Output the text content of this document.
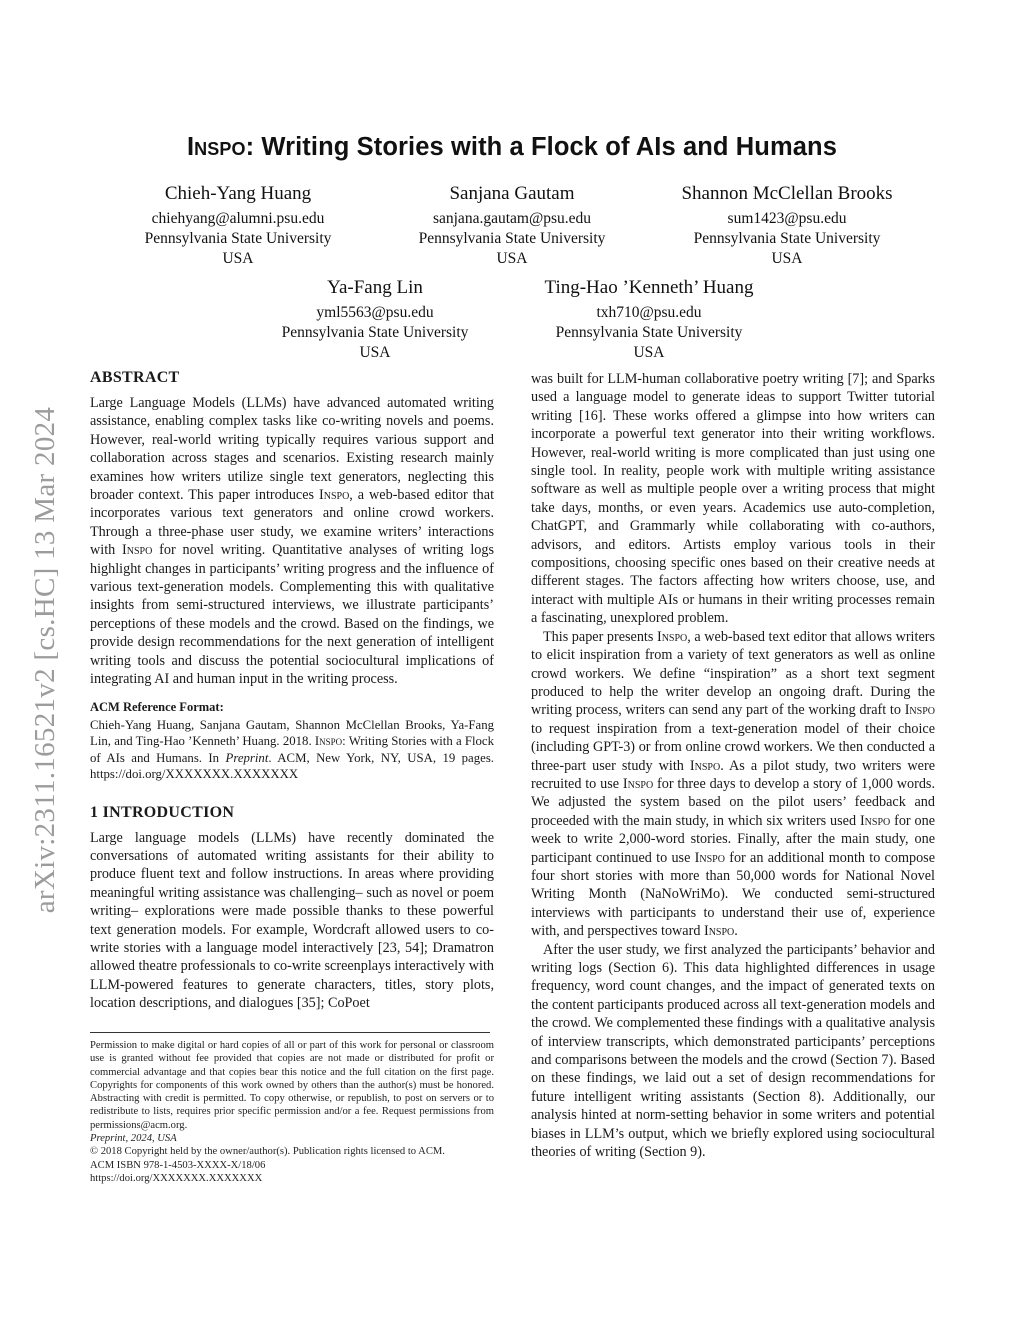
arXiv:2311.16521v2 [cs.HC] 13 Mar 2024
Inspo: Writing Stories with a Flock of AIs and Humans
Chieh-Yang Huang
chiehyang@alumni.psu.edu
Pennsylvania State University
USA
Sanjana Gautam
sanjana.gautam@psu.edu
Pennsylvania State University
USA
Shannon McClellan Brooks
sum1423@psu.edu
Pennsylvania State University
USA
Ya-Fang Lin
yml5563@psu.edu
Pennsylvania State University
USA
Ting-Hao ’Kenneth’ Huang
txh710@psu.edu
Pennsylvania State University
USA
ABSTRACT

Large Language Models (LLMs) have advanced automated writing assistance, enabling complex tasks like co-writing novels and poems. However, real-world writing typically requires various support and collaboration across stages and scenarios. Existing research mainly examines how writers utilize single text generators, neglecting this broader context. This paper introduces Inspo, a web-based editor that incorporates various text generators and online crowd workers. Through a three-phase user study, we examine writers’ interactions with Inspo for novel writing. Quantitative analyses of writing logs highlight changes in participants’ writing progress and the influence of various text-generation models. Complementing this with qualitative insights from semi-structured interviews, we illustrate participants’ perceptions of these models and the crowd. Based on the findings, we provide design recommendations for the next generation of intelligent writing tools and discuss the potential sociocultural implications of integrating AI and human input in the writing process.

ACM Reference Format:

Chieh-Yang Huang, Sanjana Gautam, Shannon McClellan Brooks, Ya-Fang Lin, and Ting-Hao ’Kenneth’ Huang. 2018. Inspo: Writing Stories with a Flock of AIs and Humans. In Preprint. ACM, New York, NY, USA, 19 pages. https://doi.org/XXXXXXX.XXXXXXX

1 INTRODUCTION

Large language models (LLMs) have recently dominated the conversations of automated writing assistants for their ability to produce fluent text and follow instructions. In areas where providing meaningful writing assistance was challenging– such as novel or poem writing– explorations were made possible thanks to these powerful text generation models. For example, Wordcraft allowed users to co-write stories with a language model interactively [23, 54]; Dramatron allowed theatre professionals to co-write screenplays interactively with LLM-powered features to generate characters, titles, story plots, location descriptions, and dialogues [35]; CoPoet

Permission to make digital or hard copies of all or part of this work for personal or classroom use is granted without fee provided that copies are not made or distributed for profit or commercial advantage and that copies bear this notice and the full citation on the first page. Copyrights for components of this work owned by others than the author(s) must be honored. Abstracting with credit is permitted. To copy otherwise, or republish, to post on servers or to redistribute to lists, requires prior specific permission and/or a fee. Request permissions from permissions@acm.org.

Preprint, 2024, USA

© 2018 Copyright held by the owner/author(s). Publication rights licensed to ACM.

ACM ISBN 978-1-4503-XXXX-X/18/06

https://doi.org/XXXXXXX.XXXXXXX

was built for LLM-human collaborative poetry writing [7]; and Sparks used a language model to generate ideas to support Twitter tutorial writing [16]. These works offered a glimpse into how writers can incorporate a powerful text generator into their writing workflows. However, real-world writing is more complicated than just using one single tool. In reality, people work with multiple writing assistance software as well as multiple people over a writing process that might take days, months, or even years. Academics use auto-completion, ChatGPT, and Grammarly while collaborating with co-authors, advisors, and editors. Artists employ various tools in their compositions, choosing specific ones based on their creative needs at different stages. The factors affecting how writers choose, use, and interact with multiple AIs or humans in their writing processes remain a fascinating, unexplored problem.

This paper presents Inspo, a web-based text editor that allows writers to elicit inspiration from a variety of text generators as well as online crowd workers. We define “inspiration” as a short text segment produced to help the writer develop an ongoing draft. During the writing process, writers can send any part of the working draft to Inspo to request inspiration from a text-generation model of their choice (including GPT-3) or from online crowd workers. We then conducted a three-part user study with Inspo. As a pilot study, two writers were recruited to use Inspo for three days to develop a story of 1,000 words. We adjusted the system based on the pilot users’ feedback and proceeded with the main study, in which six writers used Inspo for one week to write 2,000-word stories. Finally, after the main study, one participant continued to use Inspo for an additional month to compose four short stories with more than 50,000 words for National Novel Writing Month (NaNoWriMo). We conducted semi-structured interviews with participants to understand their use of, experience with, and perspectives toward Inspo.

After the user study, we first analyzed the participants’ behavior and writing logs (Section 6). This data highlighted differences in usage frequency, word count changes, and the impact of generated texts on the content participants produced across all text-generation models and the crowd. We complemented these findings with a qualitative analysis of interview transcripts, which demonstrated participants’ perceptions and comparisons between the models and the crowd (Section 7). Based on these findings, we laid out a set of design recommendations for future intelligent writing assistants (Section 8). Additionally, our analysis hinted at norm-setting behavior in some writers and potential biases in LLM’s output, which we briefly explored using sociocultural theories of writing (Section 9).
